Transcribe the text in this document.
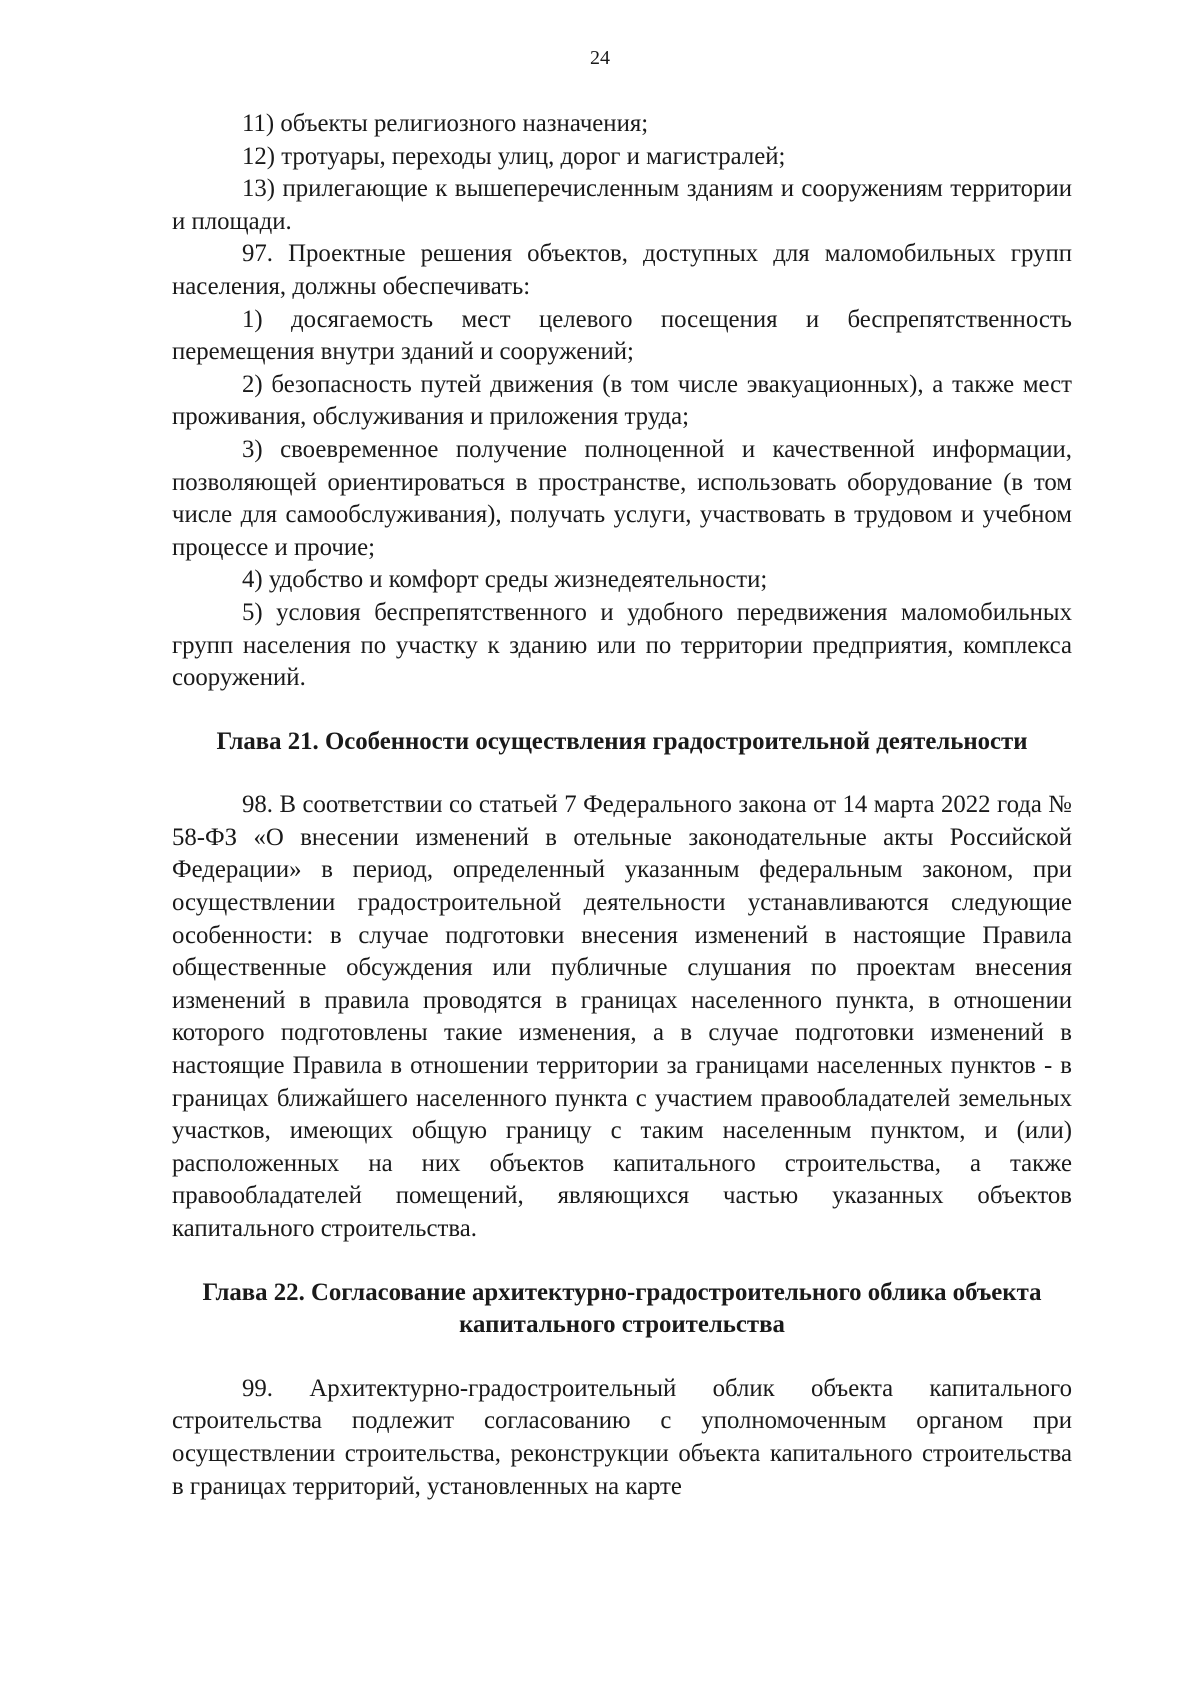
24

11) объекты религиозного назначения;

12) тротуары, переходы улиц, дорог и магистралей;

13) прилегающие к вышеперечисленным зданиям и сооружениям территории и площади.

97. Проектные решения объектов, доступных для маломобильных групп населения, должны обеспечивать:

1) досягаемость мест целевого посещения и беспрепятственность перемещения внутри зданий и сооружений;

2) безопасность путей движения (в том числе эвакуационных), а также мест проживания, обслуживания и приложения труда;

3) своевременное получение полноценной и качественной информации, позволяющей ориентироваться в пространстве, использовать оборудование (в том числе для самообслуживания), получать услуги, участвовать в трудовом и учебном процессе и прочие;

4) удобство и комфорт среды жизнедеятельности;

5) условия беспрепятственного и удобного передвижения маломобильных групп населения по участку к зданию или по территории предприятия, комплекса сооружений.

Глава 21. Особенности осуществления градостроительной деятельности

98. В соответствии со статьей 7 Федерального закона от 14 марта 2022 года № 58-ФЗ «О внесении изменений в отельные законодательные акты Российской Федерации» в период, определенный указанным федеральным законом, при осуществлении градостроительной деятельности устанавливаются следующие особенности: в случае подготовки внесения изменений в настоящие Правила общественные обсуждения или публичные слушания по проектам внесения изменений в правила проводятся в границах населенного пункта, в отношении которого подготовлены такие изменения, а в случае подготовки изменений в настоящие Правила в отношении территории за границами населенных пунктов - в границах ближайшего населенного пункта с участием правообладателей земельных участков, имеющих общую границу с таким населенным пунктом, и (или) расположенных на них объектов капитального строительства, а также правообладателей помещений, являющихся частью указанных объектов капитального строительства.

Глава 22. Согласование архитектурно-градостроительного облика объекта
капитального строительства

99. Архитектурно-градостроительный облик объекта капитального строительства подлежит согласованию с уполномоченным органом при осуществлении строительства, реконструкции объекта капитального строительства в границах территорий, установленных на карте
